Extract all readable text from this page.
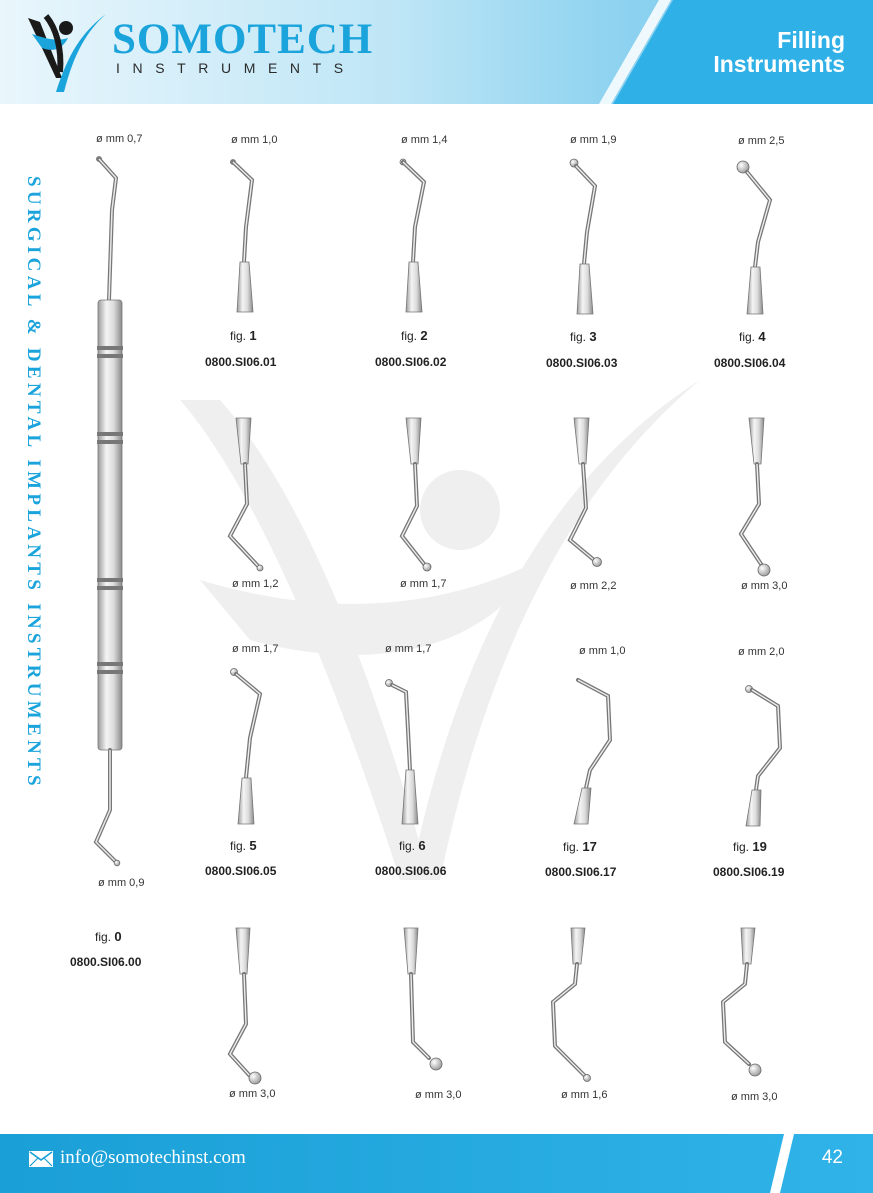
SOMOTECH
INSTRUMENTS
Filling
Instruments
SURGICAL & DENTAL IMPLANTS INSTRUMENTS
ø mm 0,7
ø mm 0,9
fig. 0
0800.SI06.00
ø mm 1,0	ø mm 1,4	ø mm 1,9	ø mm 2,5
fig. 1	fig. 2	fig. 3	fig. 4
0800.SI06.01	0800.SI06.02	0800.SI06.03	0800.SI06.04
ø mm 1,2	ø mm 1,7	ø mm 2,2	ø mm 3,0
ø mm 1,7	ø mm 1,7	ø mm 1,0	ø mm 2,0
fig. 5	fig. 6	fig. 17	fig. 19
0800.SI06.05	0800.SI06.06	0800.SI06.17	0800.SI06.19
ø mm 3,0	ø mm 3,0	ø mm 1,6	ø mm 3,0
info@somotechinst.com	42
